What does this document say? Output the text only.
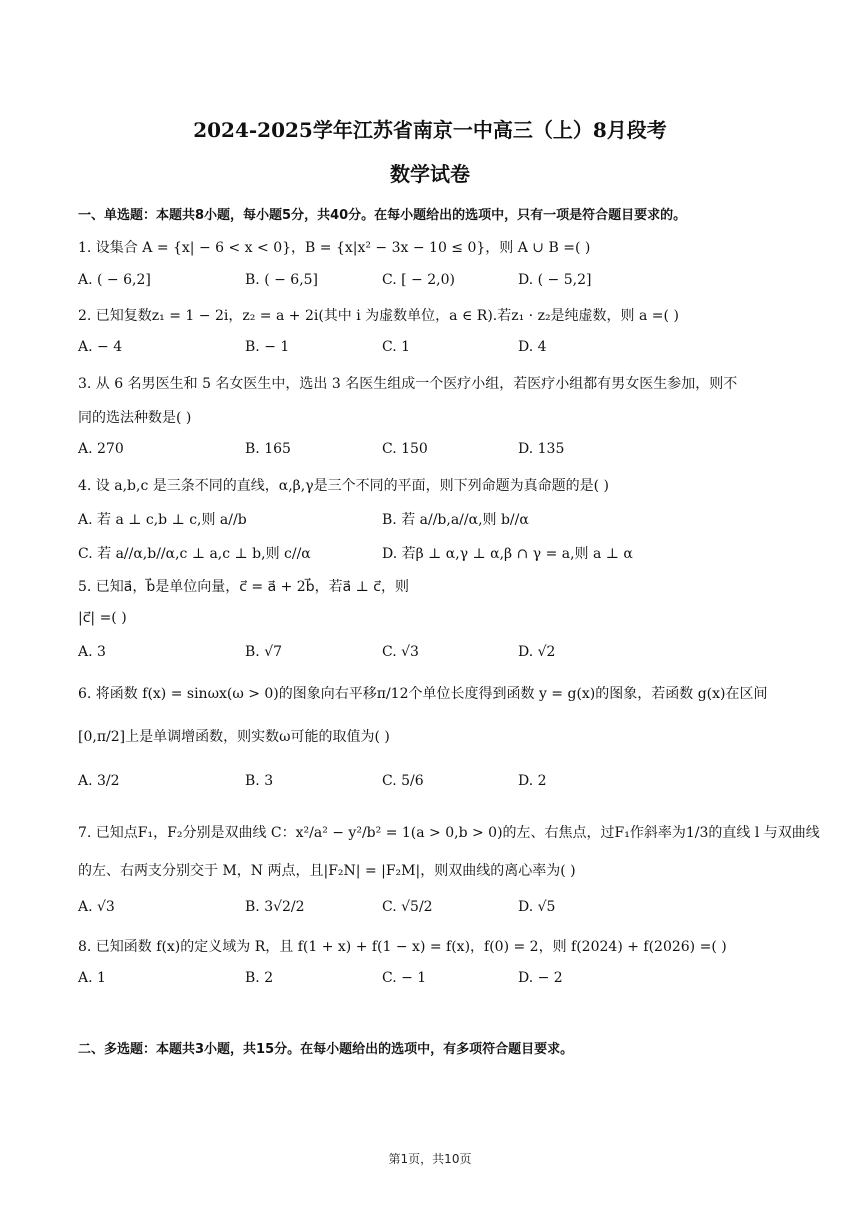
2024-2025学年江苏省南京一中高三（上）8月段考
数学试卷
一、单选题：本题共8小题，每小题5分，共40分。在每小题给出的选项中，只有一项是符合题目要求的。
1. 设集合 A = {x| − 6 < x < 0}，B = {x|x² − 3x − 10 ≤ 0}，则 A ∪ B =( )
A. ( − 6,2]	B. ( − 6,5]	C. [ − 2,0)	D. ( − 5,2]
2. 已知复数z₁ = 1 − 2i，z₂ = a + 2i(其中 i 为虚数单位，a ∈ R).若z₁ · z₂是纯虚数，则 a =( )
A. − 4	B. − 1	C. 1	D. 4
3. 从 6 名男医生和 5 名女医生中，选出 3 名医生组成一个医疗小组，若医疗小组都有男女医生参加，则不
同的选法种数是( )
A. 270	B. 165	C. 150	D. 135
4. 设 a,b,c 是三条不同的直线，α,β,γ是三个不同的平面，则下列命题为真命题的是( )
A. 若 a ⊥ c,b ⊥ c,则 a//b	B. 若 a//b,a//α,则 b//α
C. 若 a//α,b//α,c ⊥ a,c ⊥ b,则 c//α	D. 若β ⊥ α,γ ⊥ α,β ∩ γ = a,则 a ⊥ α
5. 已知a⃗，b⃗是单位向量，c⃗ = a⃗ + 2b⃗，若a⃗ ⊥ c⃗，则
|c⃗| =( )
A. 3	B. √7	C. √3	D. √2
6. 将函数 f(x) = sinωx(ω > 0)的图象向右平移π/12个单位长度得到函数 y = g(x)的图象，若函数 g(x)在区间
[0,π/2]上是单调增函数，则实数ω可能的取值为( )
A. 3/2	B. 3	C. 5/6	D. 2
7. 已知点F₁，F₂分别是双曲线 C：x²/a² − y²/b² = 1(a > 0,b > 0)的左、右焦点，过F₁作斜率为1/3的直线 l 与双曲线
的左、右两支分别交于 M，N 两点，且|F₂N| = |F₂M|，则双曲线的离心率为( )
A. √3	B. 3√2/2	C. √5/2	D. √5
8. 已知函数 f(x)的定义域为 R，且 f(1 + x) + f(1 − x) = f(x)，f(0) = 2，则 f(2024) + f(2026) =( )
A. 1	B. 2	C. − 1	D. − 2
二、多选题：本题共3小题，共15分。在每小题给出的选项中，有多项符合题目要求。
第1页，共10页
